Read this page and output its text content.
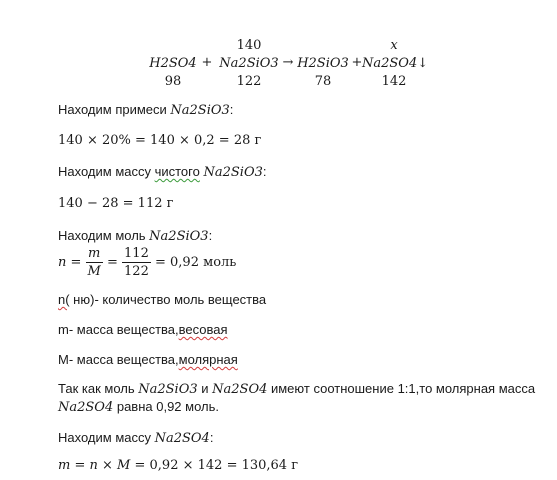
H2SO4
98
+
140
Na2SiO3
122
→ H2SiO3
78
+
x
Na2SO4↓
142
Находим примеси Na2SiO3:
140 × 20% = 140 × 0,2 = 28 г
Находим массу чистого Na2SiO3:
140 − 28 = 112 г
Находим моль Na2SiO3:
$n = \frac{m}{M} = \frac{112}{122} = 0,92$ моль
n( ню)- количество моль вещества
m- масса вещества,весовая
M- масса вещества,молярная
Так как моль Na2SiO3 и Na2SO4 имеют соотношение 1:1,то молярная масса
Na2SO4 равна 0,92 моль.
Находим массу Na2SO4:
m = n × M = 0,92 × 142 = 130,64 г
